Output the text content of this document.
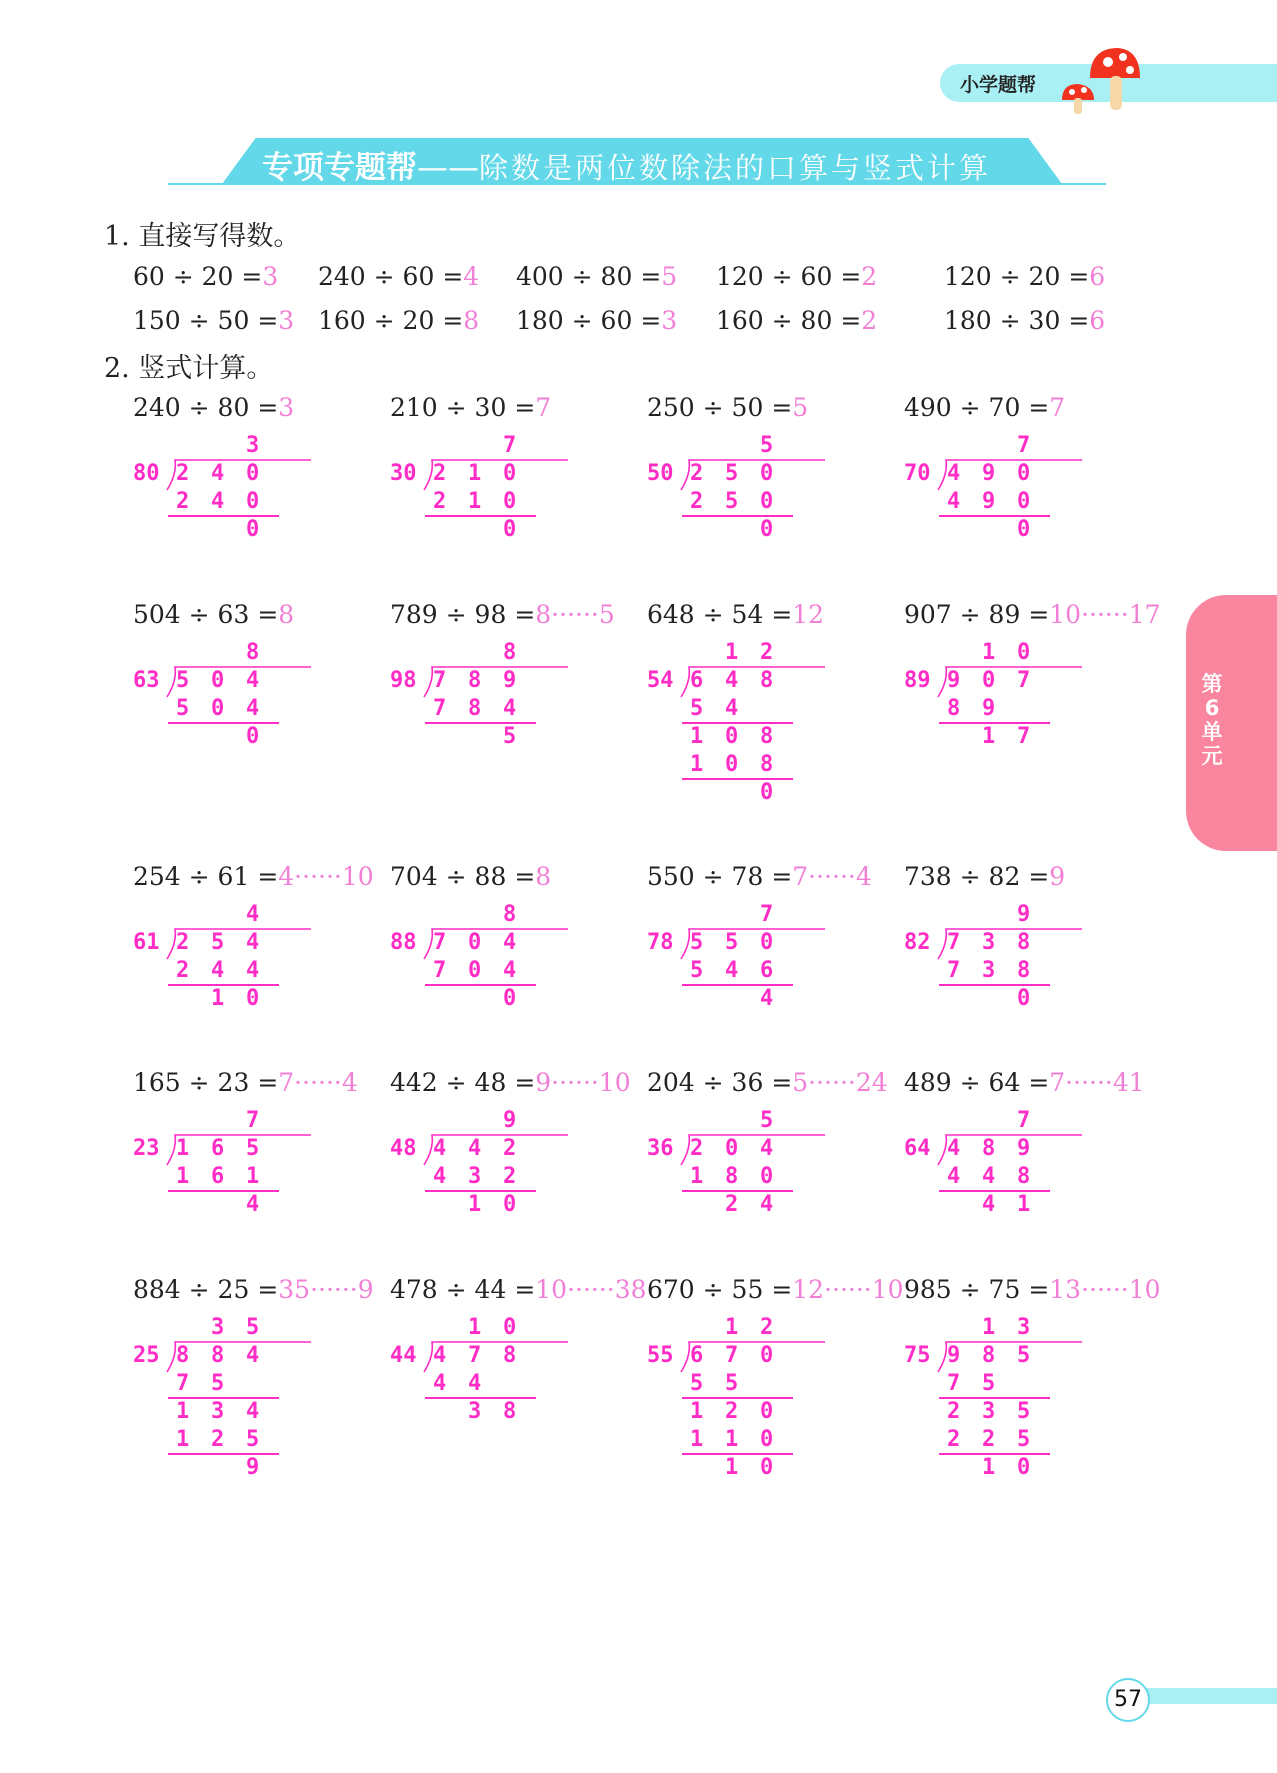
小学题帮
专项专题帮——除数是两位数除法的口算与竖式计算
第6单元
1. 直接写得数。
60 ÷ 20 =3 240 ÷ 60 =4 400 ÷ 80 =5 120 ÷ 60 =2	120 ÷ 20 =6
150 ÷ 50 =3 160 ÷ 20 =8 180 ÷ 60 =3 160 ÷ 80 =2	180 ÷ 30 =6
2. 竖式计算。
240 ÷ 80 =3
3
80 2 4 0
2 4 0
0
210 ÷ 30 =7
7
30 2 1 0
2 1 0
0
250 ÷ 50 =5
5
50 2 5 0
2 5 0
0
490 ÷ 70 =7
7
70 4 9 0
4 9 0
0
504 ÷ 63 =8
8
63 5 0 4
5 0 4
0
789 ÷ 98 =8······5
8
98 7 8 9
7 8 4
5
648 ÷ 54 =12
1 2
54 6 4 8
5 4
1 0 8
1 0 8
0
907 ÷ 89 =10······17
1 0
89 9 0 7
8 9
1 7
254 ÷ 61 =4······10
4
61 2 5 4
2 4 4
1 0
704 ÷ 88 =8
8
88 7 0 4
7 0 4
0
550 ÷ 78 =7······4
7
78 5 5 0
5 4 6
4
738 ÷ 82 =9
9
82 7 3 8
7 3 8
0
165 ÷ 23 =7······4
7
23 1 6 5
1 6 1
4
442 ÷ 48 =9······10
9
48 4 4 2
4 3 2
1 0
204 ÷ 36 =5······24
5
36 2 0 4
1 8 0
2 4
489 ÷ 64 =7······41
7
64 4 8 9
4 4 8
4 1
884 ÷ 25 =35······9
3 5
25 8 8 4
7 5
1 3 4
1 2 5
9
478 ÷ 44 =10······38
1 0
44 4 7 8
4 4
3 8
670 ÷ 55 =12······10
1 2
55 6 7 0
5 5
1 2 0
1 1 0
1 0
985 ÷ 75 =13······10
1 3
75 9 8 5
7 5
2 3 5
2 2 5
1 0
57
